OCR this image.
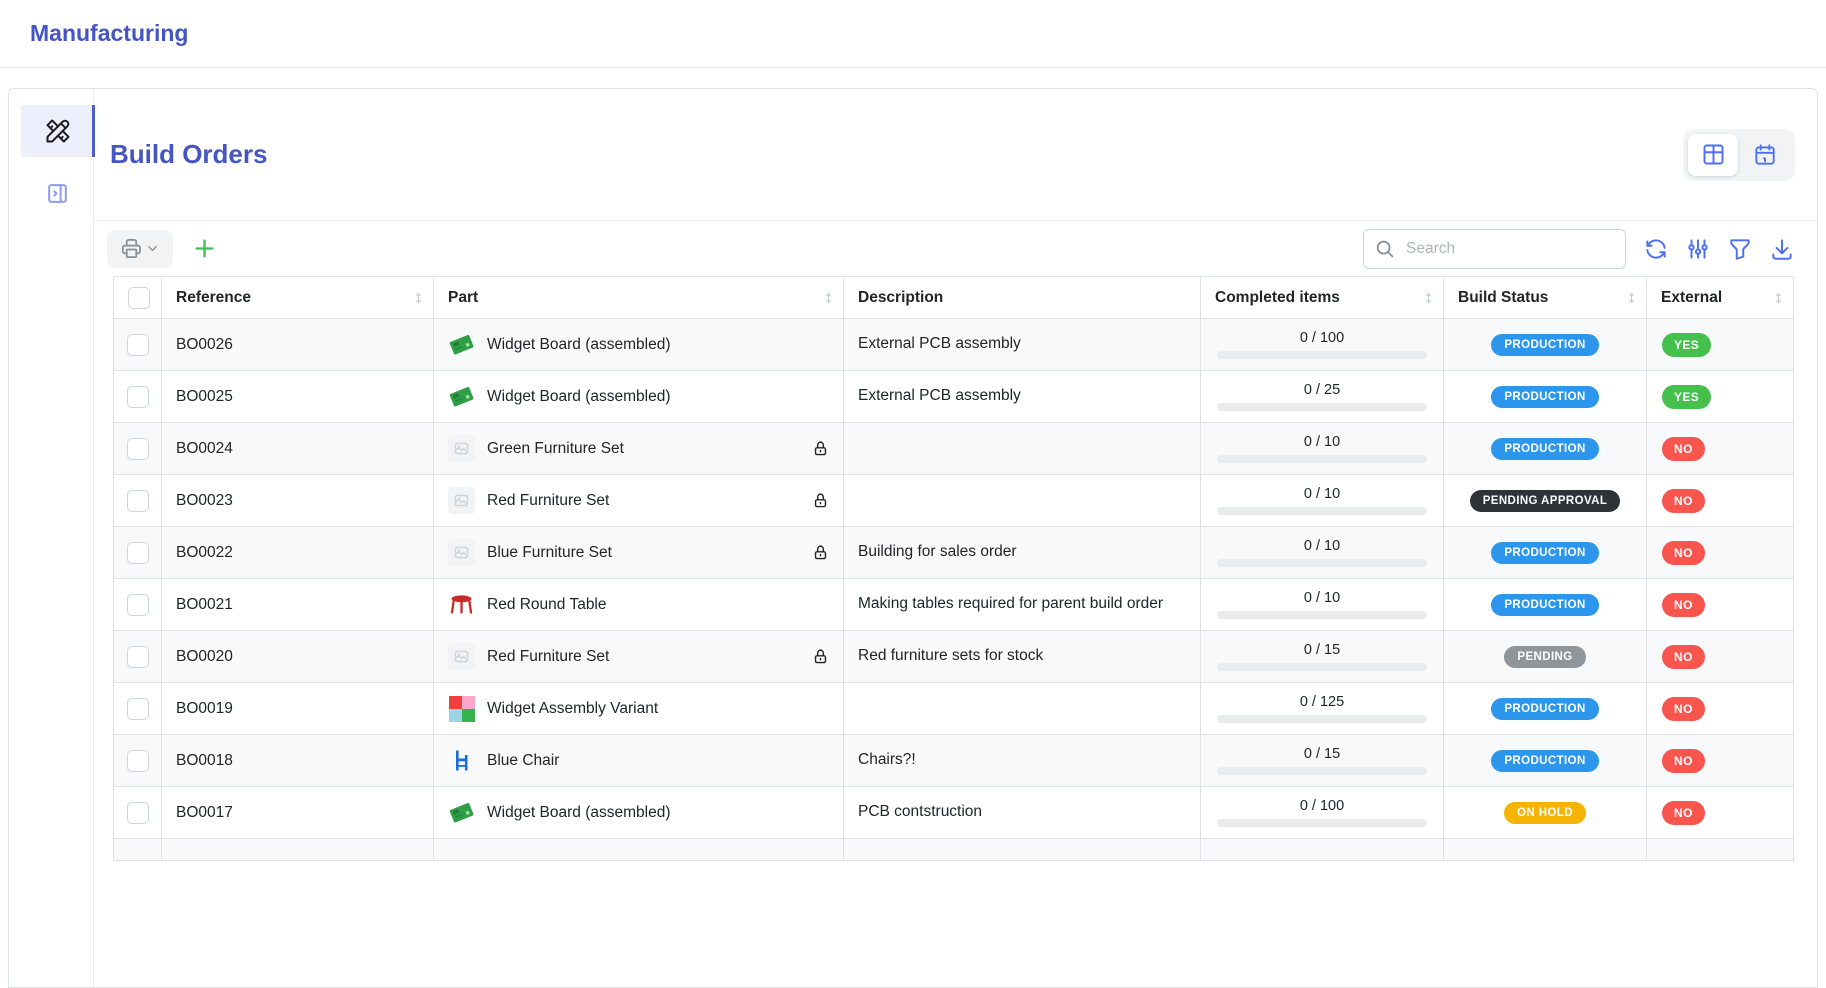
Manufacturing
Build Orders
Search
	Reference	Part	Description	Completed items	Build Status	External

	BO0026	Widget Board (assembled)	External PCB assembly	0 / 100	PRODUCTION	YES

	BO0025	Widget Board (assembled)	External PCB assembly	0 / 25	PRODUCTION	YES

	BO0024	Green Furniture Set		0 / 10	PRODUCTION	NO

	BO0023	Red Furniture Set		0 / 10	PENDING APPROVAL	NO

	BO0022	Blue Furniture Set	Building for sales order	0 / 10	PRODUCTION	NO

	BO0021	Red Round Table	Making tables required for parent build order	0 / 10	PRODUCTION	NO

	BO0020	Red Furniture Set	Red furniture sets for stock	0 / 15	PENDING	NO

	BO0019	Widget Assembly Variant		0 / 125	PRODUCTION	NO

	BO0018	Blue Chair	Chairs?!	0 / 15	PRODUCTION	NO

	BO0017	Widget Board (assembled)	PCB contstruction	0 / 100	ON HOLD	NO
